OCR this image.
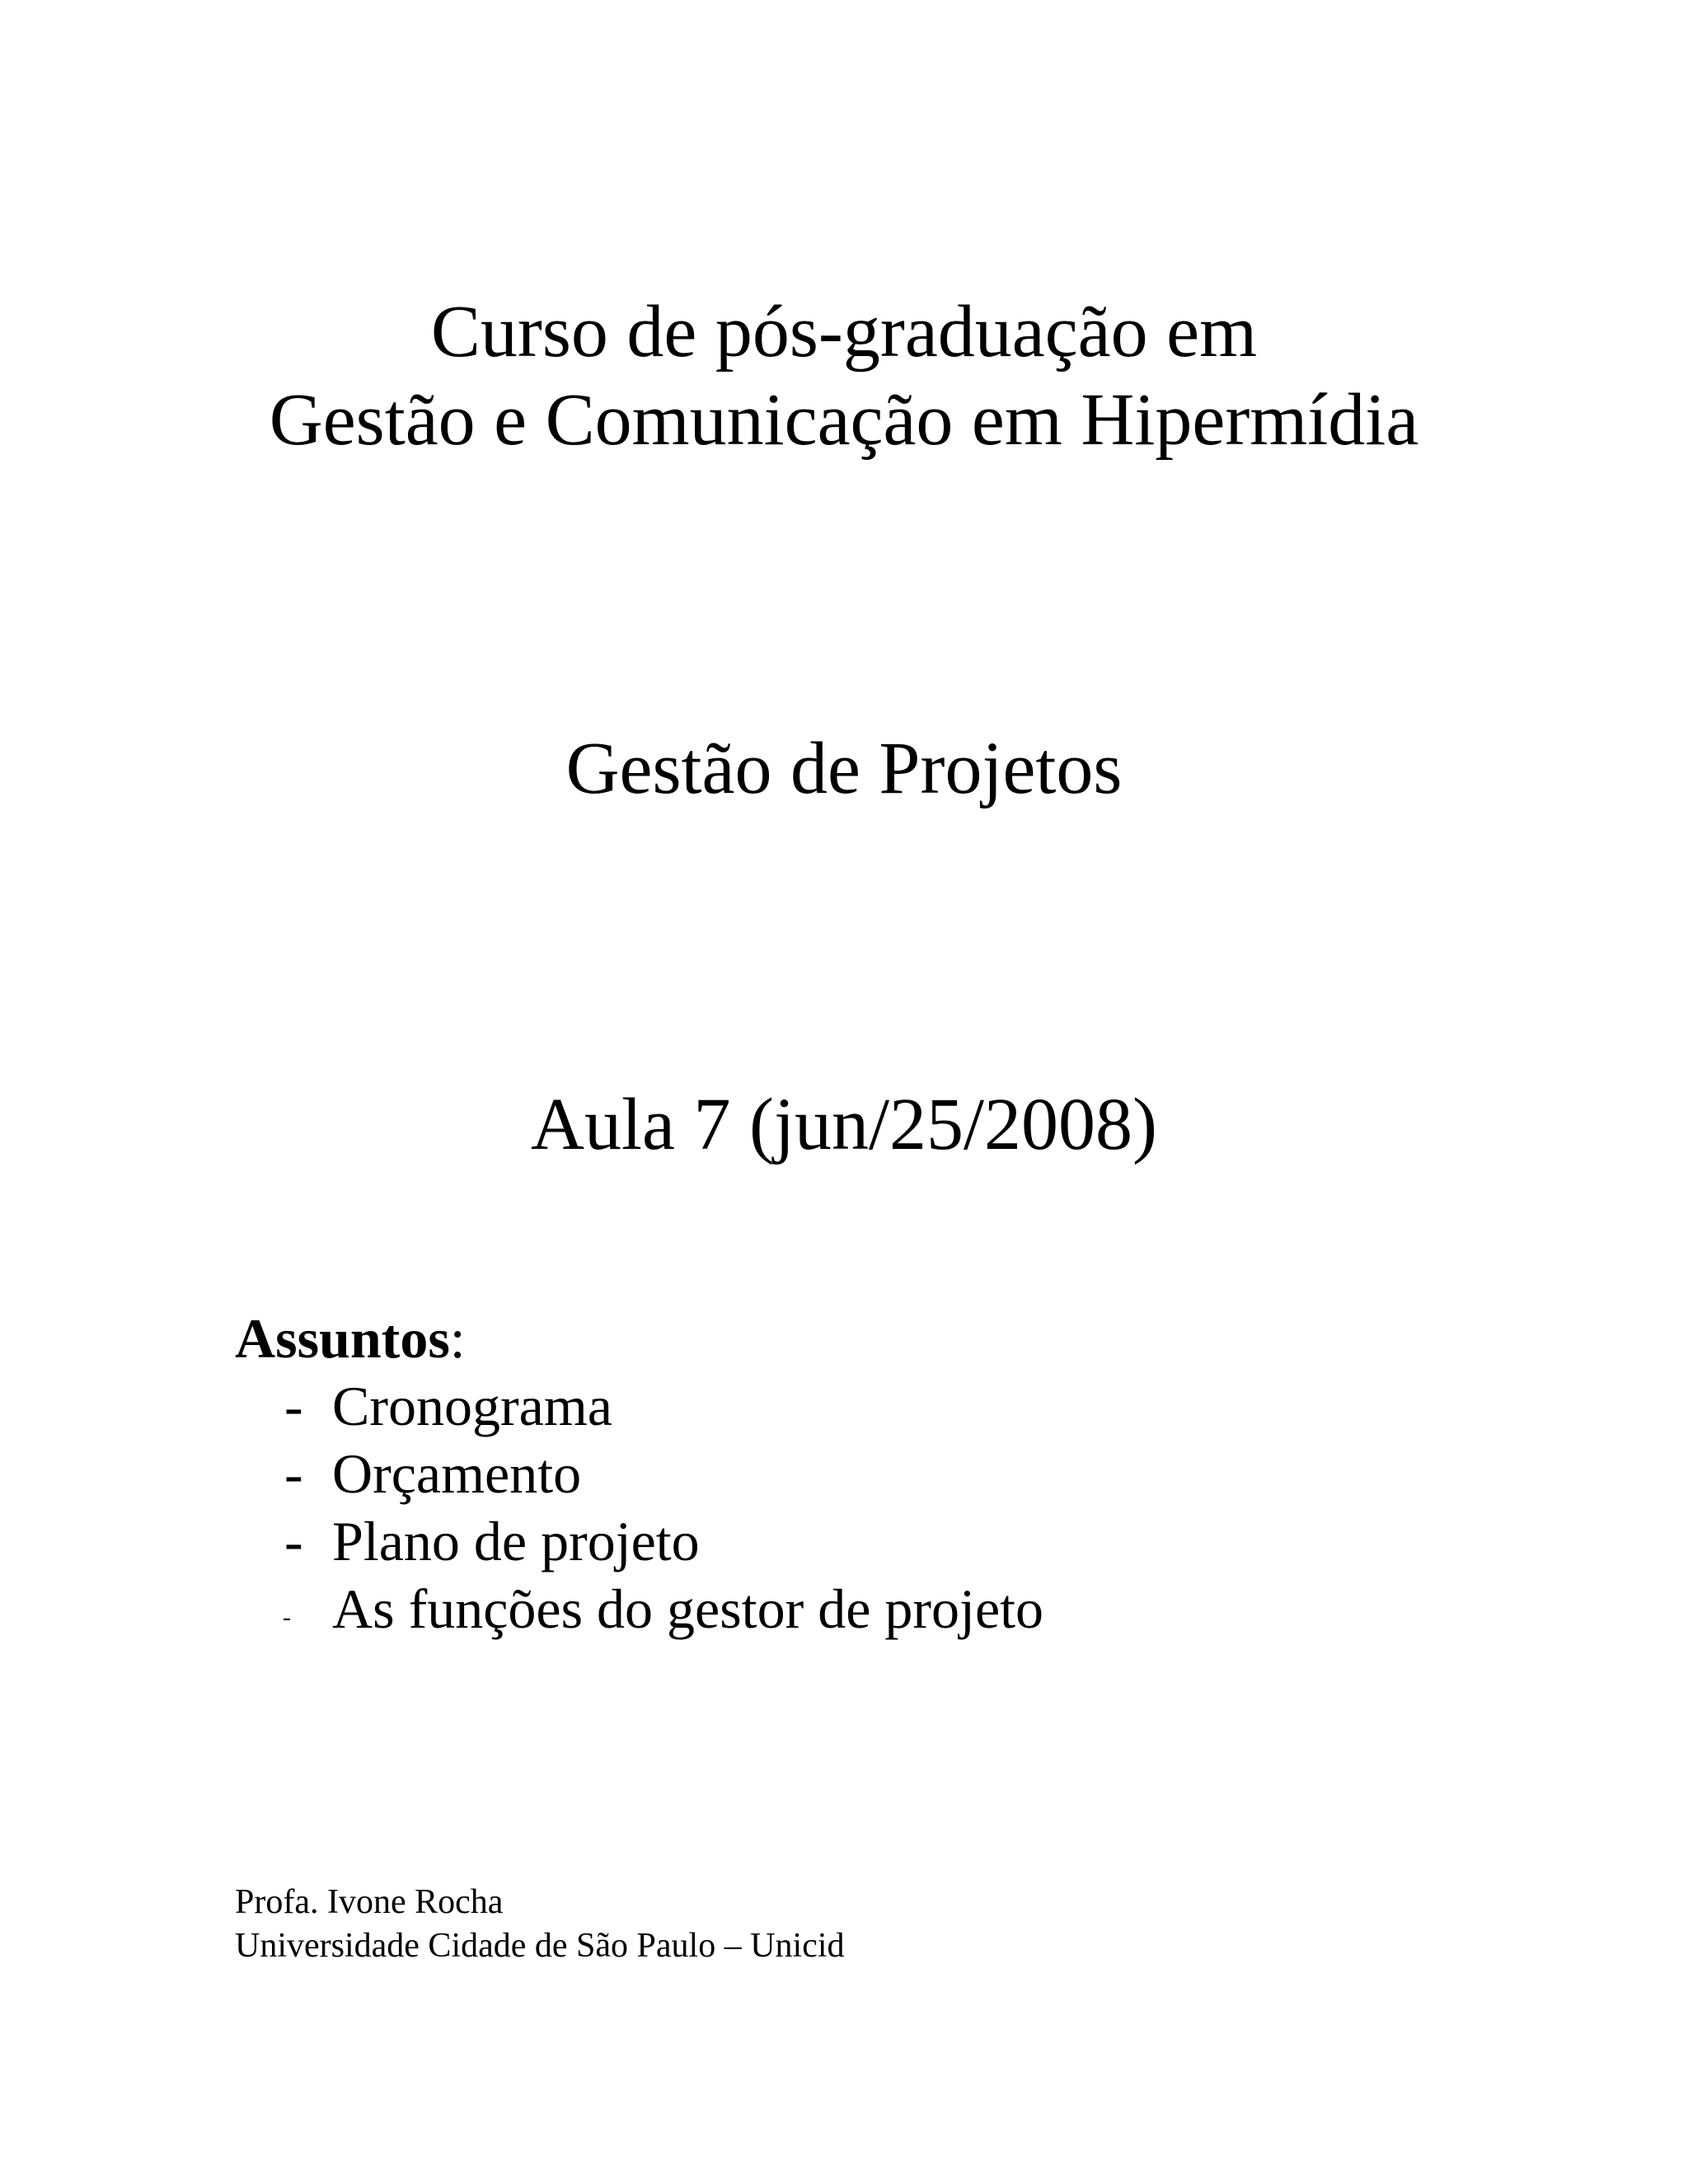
Curso de pós-graduação em
Gestão e Comunicação em Hipermídia
Gestão de Projetos
Aula 7 (jun/25/2008)
Assuntos:
- Cronograma
- Orçamento
- Plano de projeto
- As funções do gestor de projeto
Profa. Ivone Rocha
Universidade Cidade de São Paulo – Unicid
